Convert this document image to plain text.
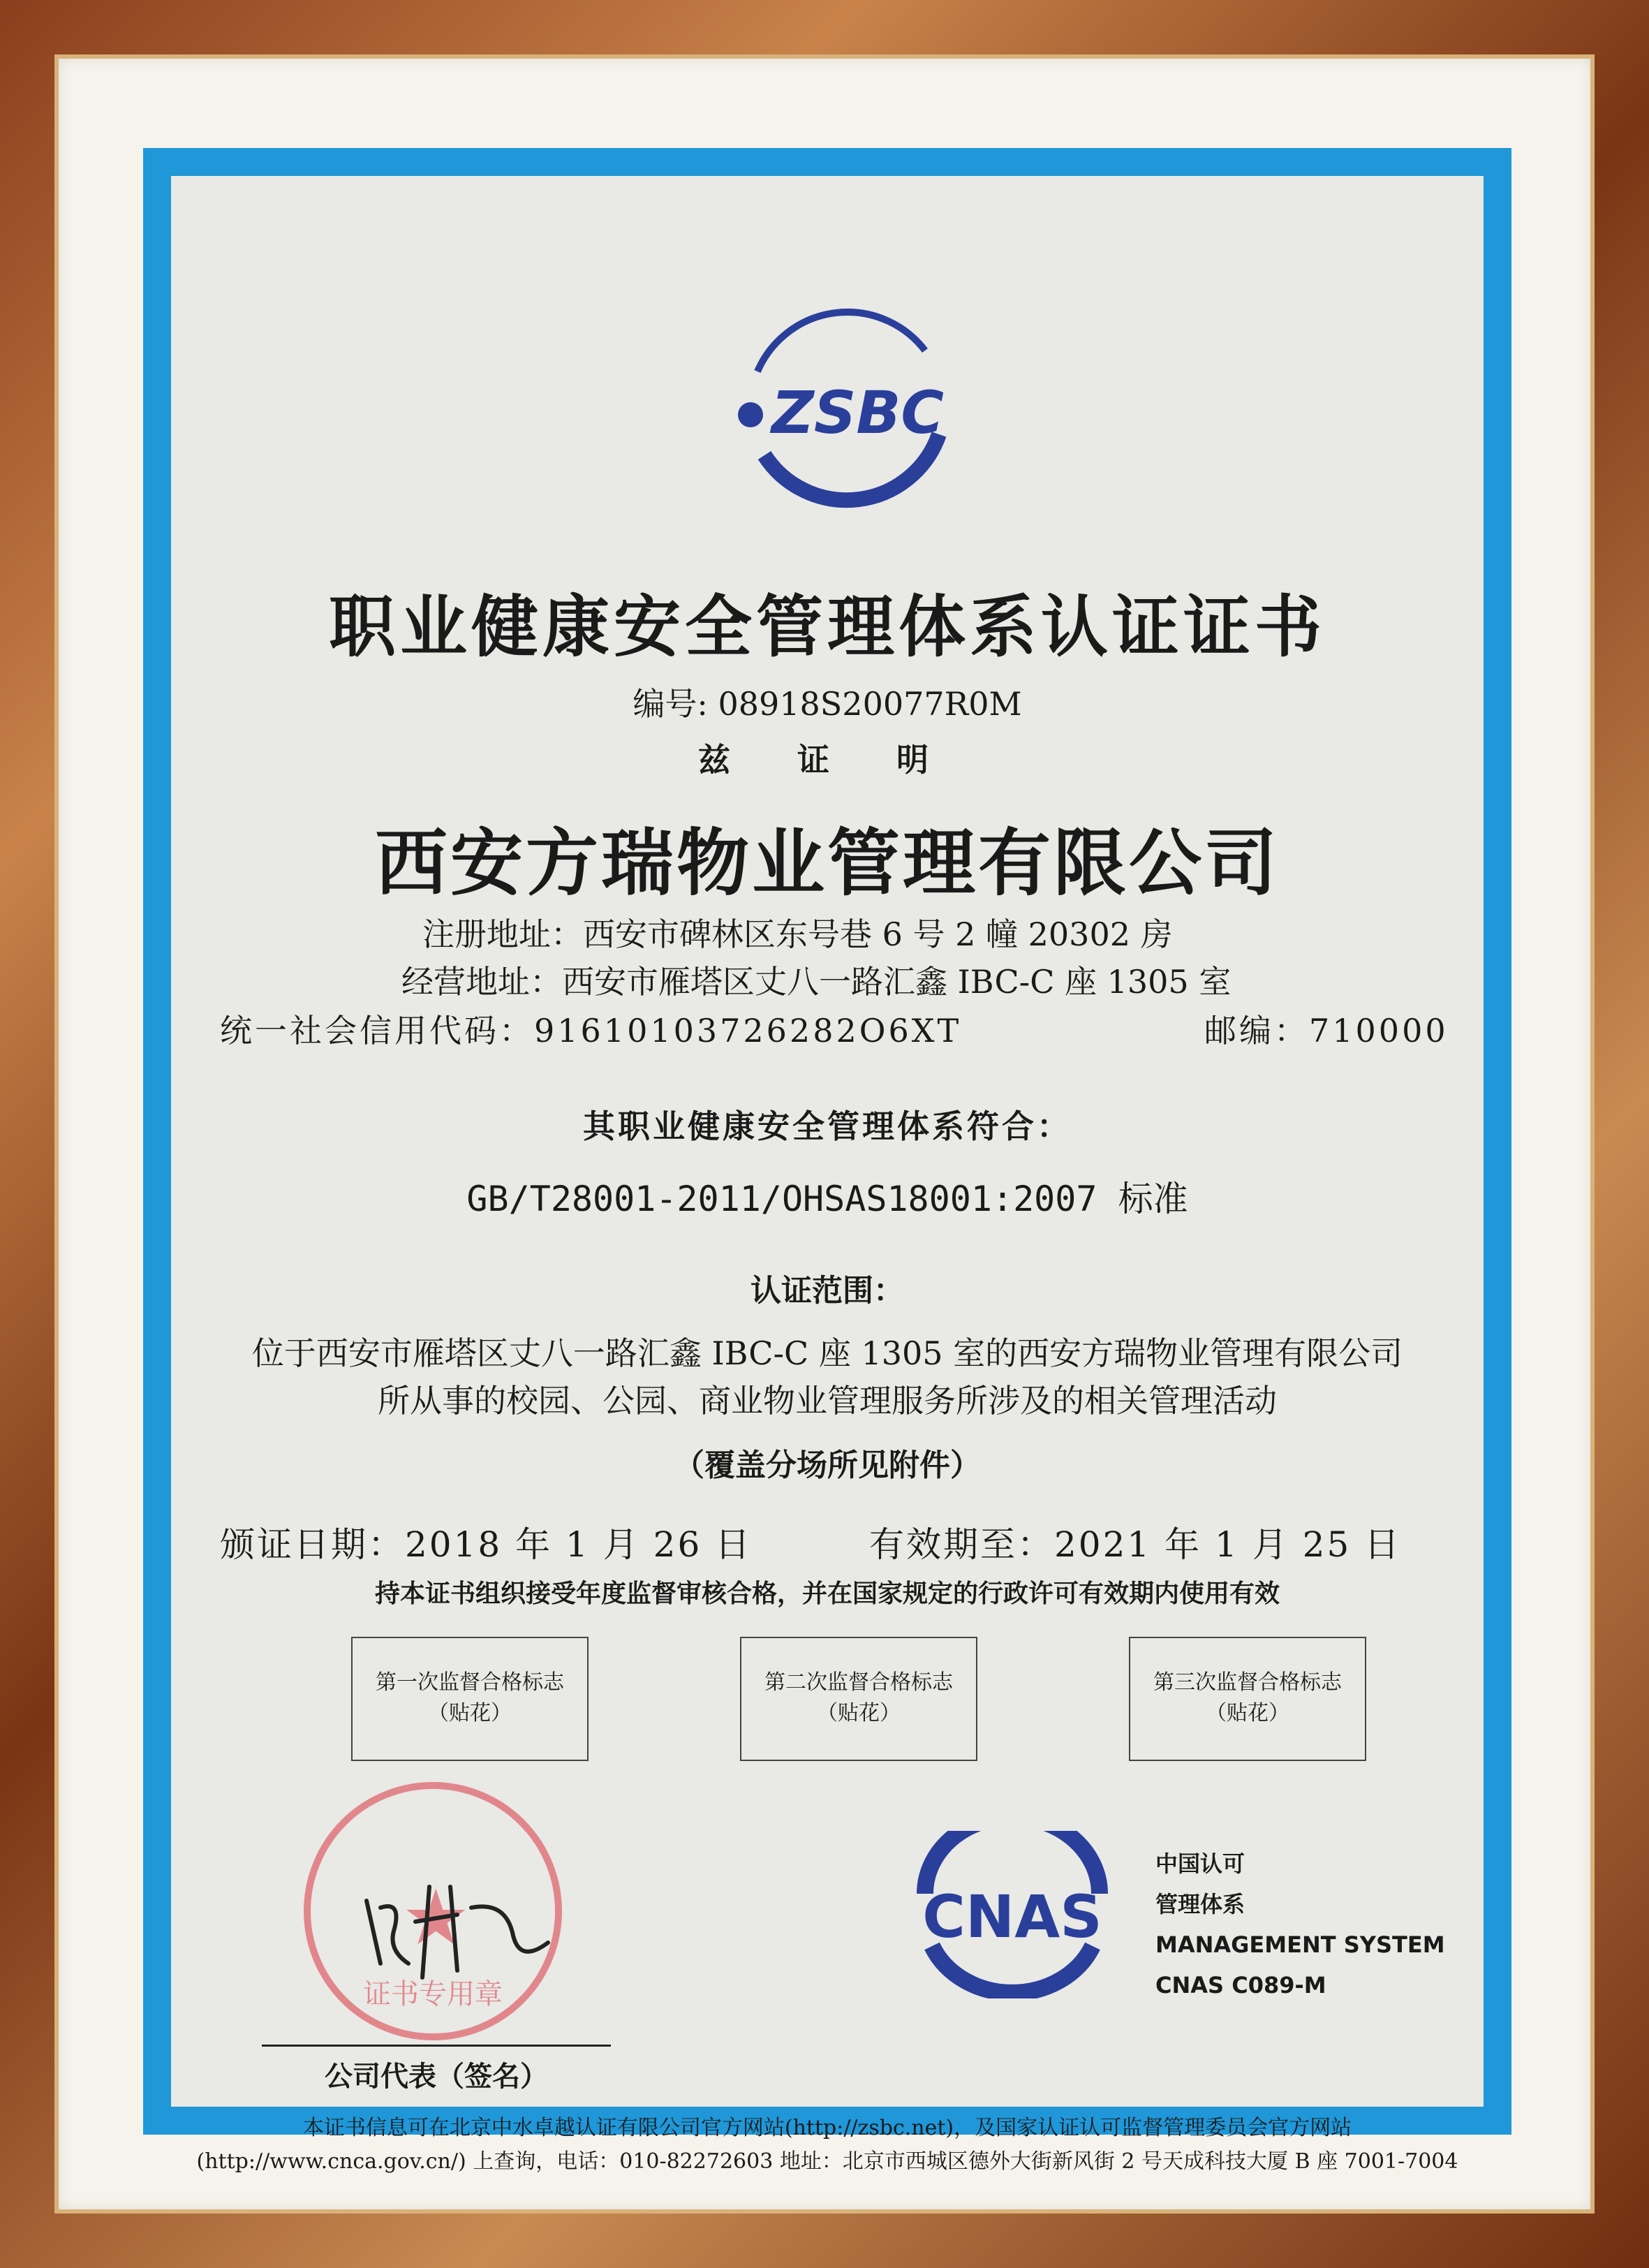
ZSBC
职业健康安全管理体系认证证书
编号: 08918S20077R0M
兹 证 明
西安方瑞物业管理有限公司
注册地址：西安市碑林区东号巷 6 号 2 幢 20302 房
经营地址：西安市雁塔区丈八一路汇鑫 IBC-C 座 1305 室
统一社会信用代码：91610103726282O6XT	邮编：710000
其职业健康安全管理体系符合：
GB/T28001-2011/OHSAS18001:2007 标准
认证范围：
位于西安市雁塔区丈八一路汇鑫 IBC-C 座 1305 室的西安方瑞物业管理有限公司
所从事的校园、公园、商业物业管理服务所涉及的相关管理活动
（覆盖分场所见附件）
颁证日期：2018 年 1 月 26 日	有效期至：2021 年 1 月 25 日
持本证书组织接受年度监督审核合格，并在国家规定的行政许可有效期内使用有效
第一次监督合格标志
（贴花）
第二次监督合格标志
（贴花）
第三次监督合格标志
（贴花）
★
证书专用章
公司代表（签名）
CNAS
中国认可
管理体系
MANAGEMENT SYSTEM
CNAS C089-M
本证书信息可在北京中水卓越认证有限公司官方网站(http://zsbc.net)，及国家认证认可监督管理委员会官方网站
(http://www.cnca.gov.cn/) 上查询，电话：010-82272603 地址：北京市西城区德外大街新风街 2 号天成科技大厦 B 座 7001-7004
